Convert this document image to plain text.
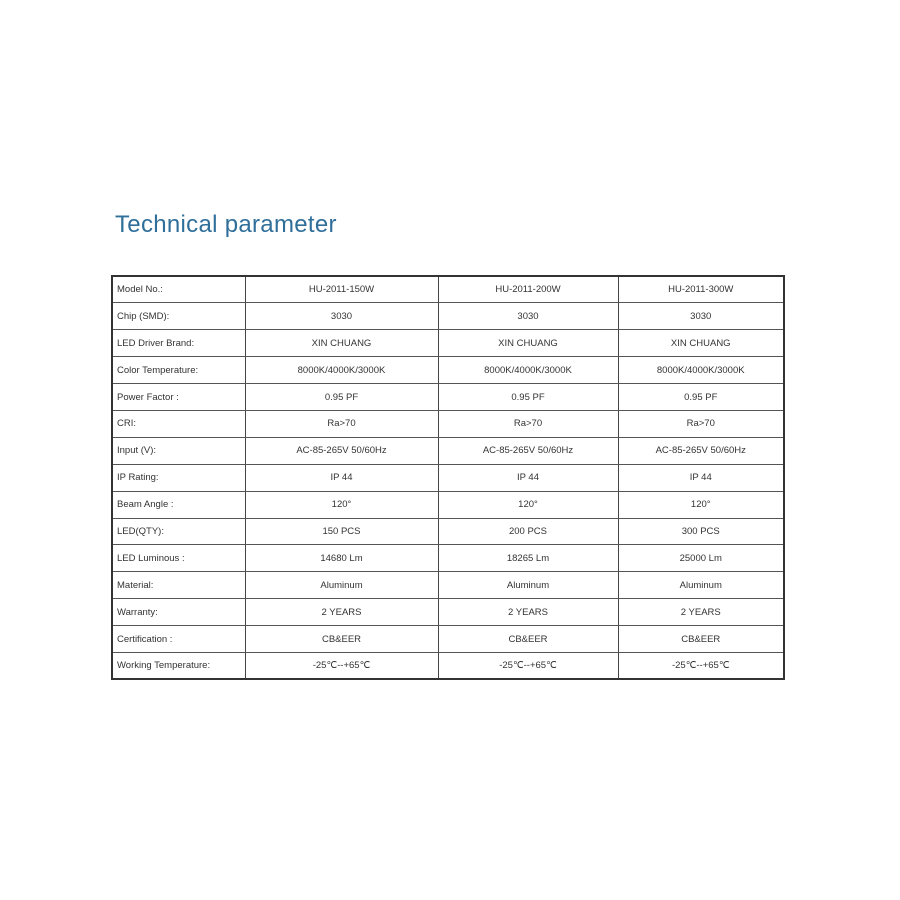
Technical parameter
Model No.:	HU-2011-150W	HU-2011-200W	HU-2011-300W
Chip (SMD):	3030	3030	3030
LED Driver Brand:	XIN CHUANG	XIN CHUANG	XIN CHUANG
Color Temperature:	8000K/4000K/3000K	8000K/4000K/3000K	8000K/4000K/3000K
Power Factor :	0.95 PF	0.95 PF	0.95 PF
CRI:	Ra>70	Ra>70	Ra>70
Input (V):	AC-85-265V 50/60Hz	AC-85-265V 50/60Hz	AC-85-265V 50/60Hz
IP Rating:	IP 44	IP 44	IP 44
Beam Angle :	120°	120°	120°
LED(QTY):	150 PCS	200 PCS	300 PCS
LED Luminous :	14680 Lm	18265 Lm	25000 Lm
Material:	Aluminum	Aluminum	Aluminum
Warranty:	2 YEARS	2 YEARS	2 YEARS
Certification :	CB&EER	CB&EER	CB&EER
Working Temperature:	-25℃--+65℃	-25℃--+65℃	-25℃--+65℃
